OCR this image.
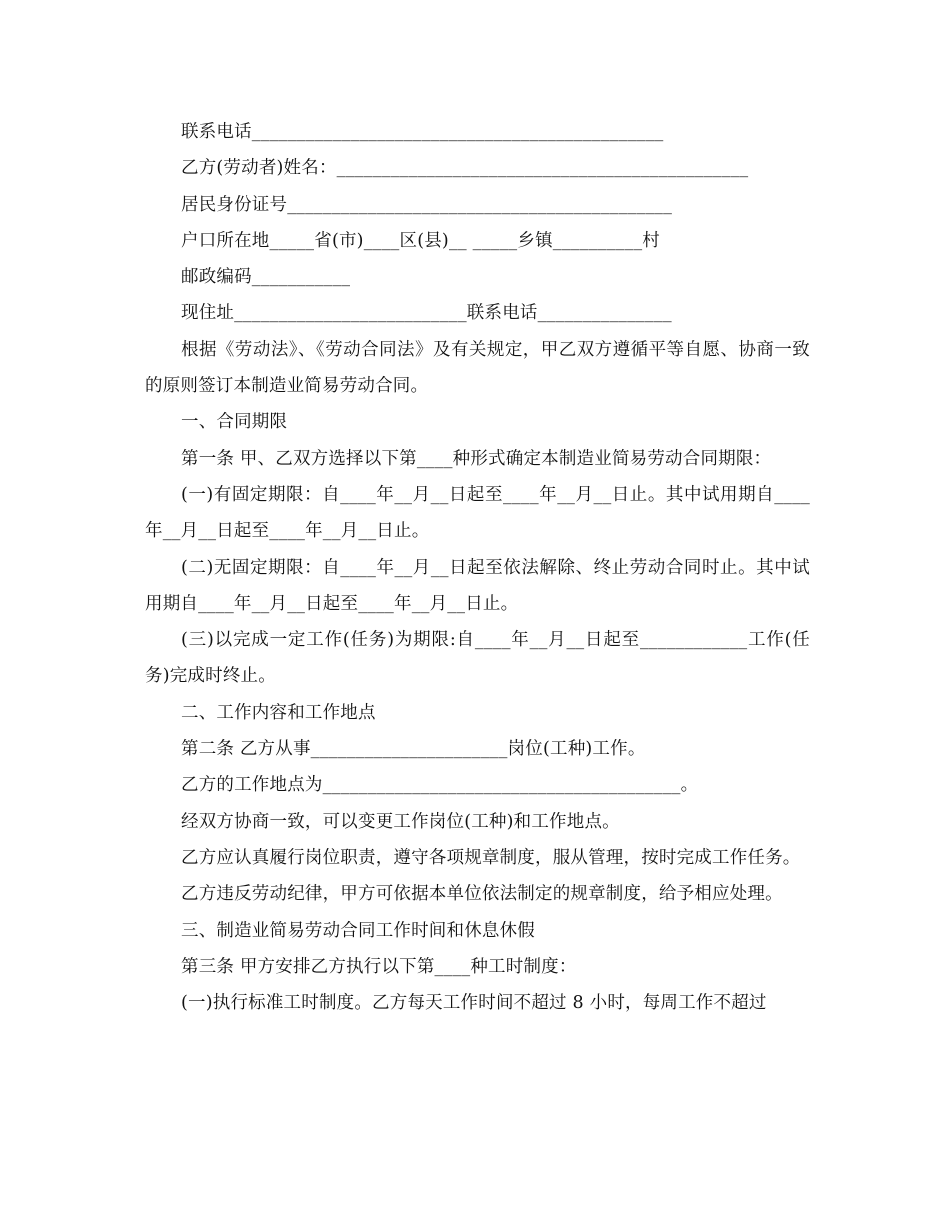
联系电话______________________________________________

乙方(劳动者)姓名：______________________________________________

居民身份证号___________________________________________

户口所在地_____省(市)____区(县)__ _____乡镇__________村

邮政编码___________

现住址__________________________联系电话_______________

根据《劳动法》、《劳动合同法》及有关规定，甲乙双方遵循平等自愿、协商一致的原则签订本制造业简易劳动合同。

一、合同期限

第一条 甲、乙双方选择以下第____种形式确定本制造业简易劳动合同期限：

(一)有固定期限：自____年__月__日起至____年__月__日止。其中试用期自____年__月__日起至____年__月__日止。

(二)无固定期限：自____年__月__日起至依法解除、终止劳动合同时止。其中试用期自____年__月__日起至____年__月__日止。

(三)以完成一定工作(任务)为期限:自____年__月__日起至____________工作(任务)完成时终止。

二、工作内容和工作地点

第二条 乙方从事______________________岗位(工种)工作。

乙方的工作地点为________________________________________。

经双方协商一致，可以变更工作岗位(工种)和工作地点。

乙方应认真履行岗位职责，遵守各项规章制度，服从管理，按时完成工作任务。

乙方违反劳动纪律，甲方可依据本单位依法制定的规章制度，给予相应处理。

三、制造业简易劳动合同工作时间和休息休假

第三条 甲方安排乙方执行以下第____种工时制度：

(一)执行标准工时制度。乙方每天工作时间不超过 8 小时，每周工作不超过
